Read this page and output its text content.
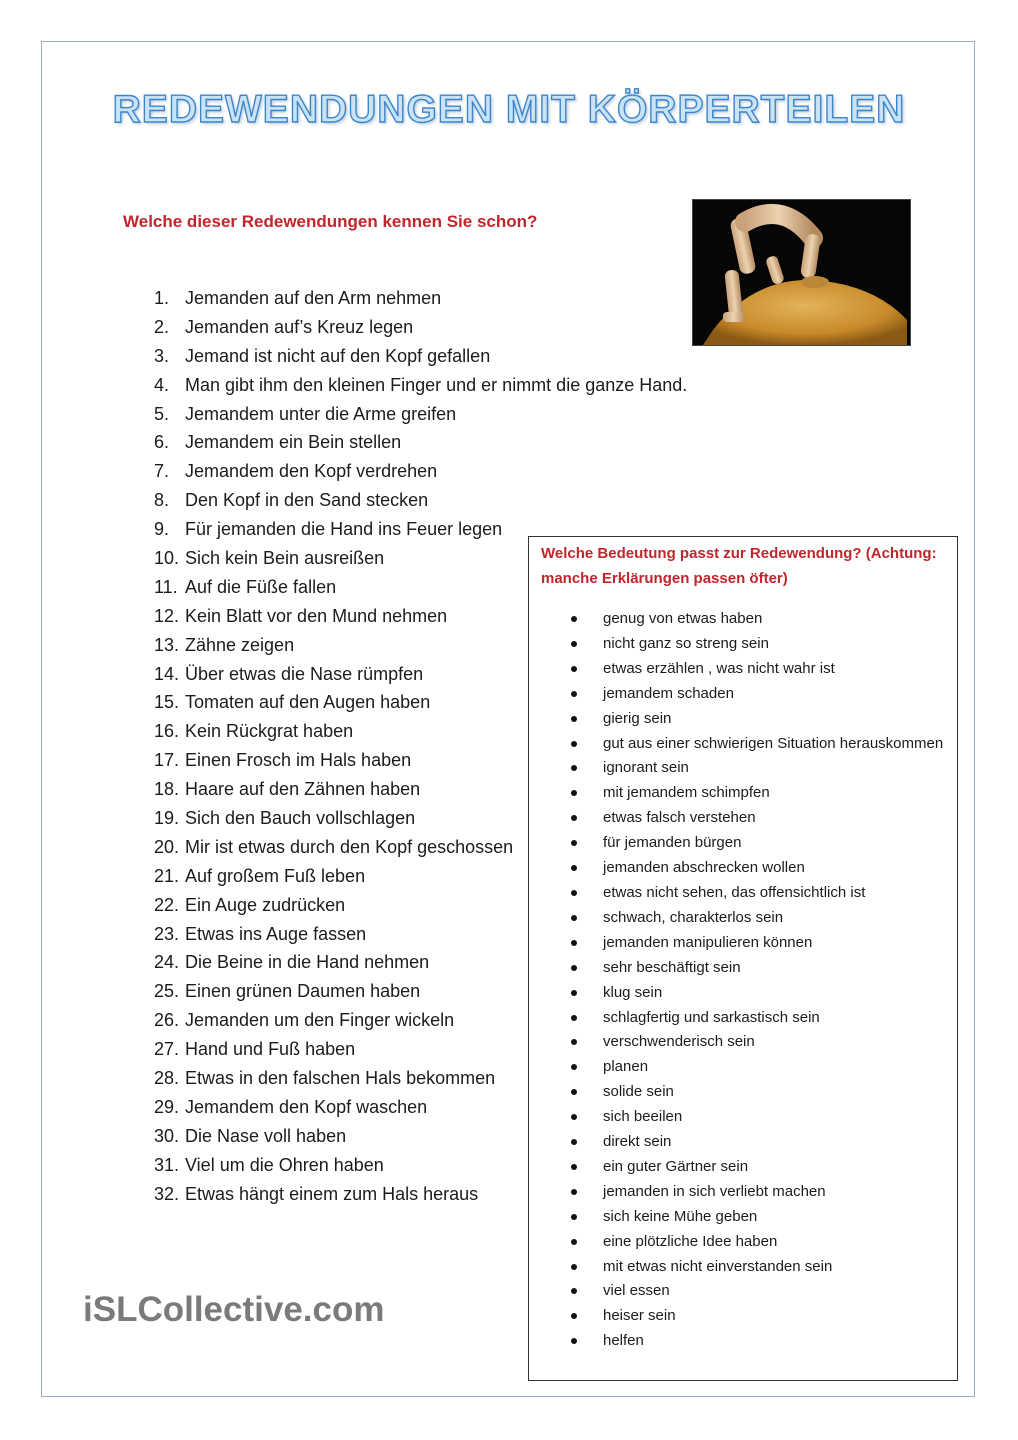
REDEWENDUNGEN MIT KÖRPERTEILEN
Welche dieser Redewendungen kennen Sie schon?
1. Jemanden auf den Arm nehmen
2. Jemanden auf’s Kreuz legen
3. Jemand ist nicht auf den Kopf gefallen
4. Man gibt ihm den kleinen Finger und er nimmt die ganze Hand.
5. Jemandem unter die Arme greifen
6. Jemandem ein Bein stellen
7. Jemandem den Kopf verdrehen
8. Den Kopf in den Sand stecken
9. Für jemanden die Hand ins Feuer legen
10. Sich kein Bein ausreißen
11. Auf die Füße fallen
12. Kein Blatt vor den Mund nehmen
13. Zähne zeigen
14. Über etwas die Nase rümpfen
15. Tomaten auf den Augen haben
16. Kein Rückgrat haben
17. Einen Frosch im Hals haben
18. Haare auf den Zähnen haben
19. Sich den Bauch vollschlagen
20. Mir ist etwas durch den Kopf geschossen
21. Auf großem Fuß leben
22. Ein Auge zudrücken
23. Etwas ins Auge fassen
24. Die Beine in die Hand nehmen
25. Einen grünen Daumen haben
26. Jemanden um den Finger wickeln
27. Hand und Fuß haben
28. Etwas in den falschen Hals bekommen
29. Jemandem den Kopf waschen
30. Die Nase voll haben
31. Viel um die Ohren haben
32. Etwas hängt einem zum Hals heraus
Welche Bedeutung passt zur Redewendung? (Achtung: manche Erklärungen passen öfter)
genug von etwas haben
nicht ganz so streng sein
etwas erzählen , was nicht wahr ist
jemandem schaden
gierig sein
gut aus einer schwierigen Situation herauskommen
ignorant sein
mit jemandem schimpfen
etwas falsch verstehen
für jemanden bürgen
jemanden abschrecken wollen
etwas nicht sehen, das offensichtlich ist
schwach, charakterlos sein
jemanden manipulieren können
sehr beschäftigt sein
klug sein
schlagfertig und sarkastisch sein
verschwenderisch sein
planen
solide sein
sich beeilen
direkt sein
ein guter Gärtner sein
jemanden in sich verliebt machen
sich keine Mühe geben
eine plötzliche Idee haben
mit etwas nicht einverstanden sein
viel essen
heiser sein
helfen
iSLCollective.com
